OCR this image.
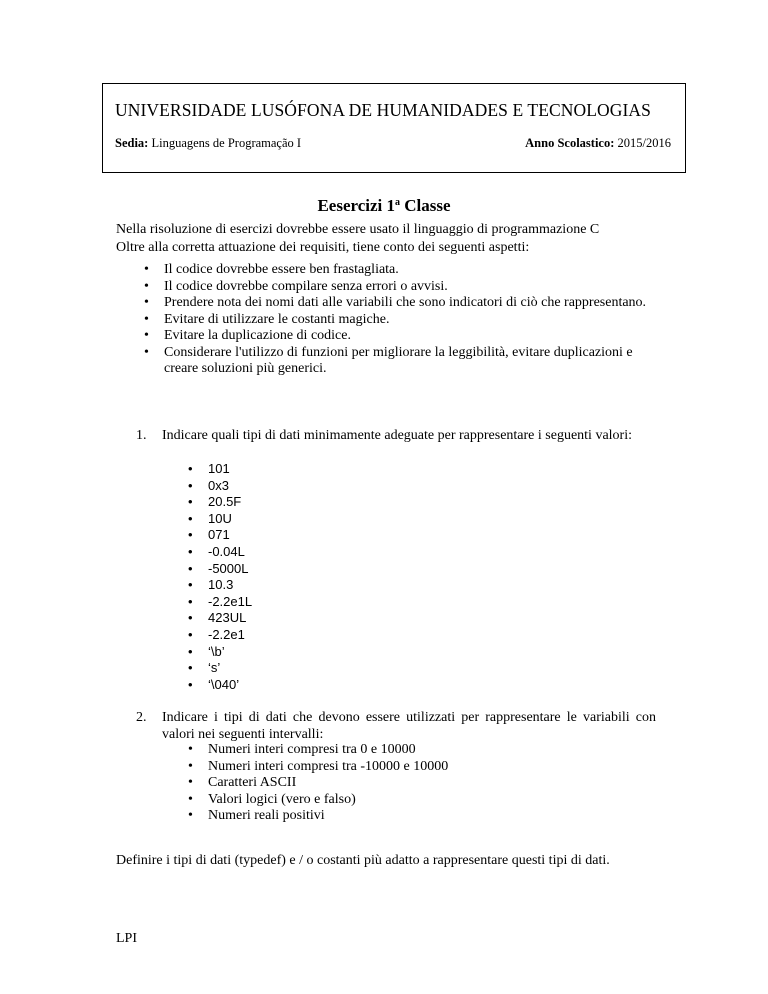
UNIVERSIDADE LUSÓFONA DE HUMANIDADES E TECNOLOGIAS
Sedia: Linguagens de Programação I	Anno Scolastico: 2015/2016
Eesercizi 1$^a$ Classe
Nella risoluzione di esercizi dovrebbe essere usato il linguaggio di programmazione C
Oltre alla corretta attuazione dei requisiti, tiene conto dei seguenti aspetti:
• Il codice dovrebbe essere ben frastagliata.
• Il codice dovrebbe compilare senza errori o avvisi.
• Prendere nota dei nomi dati alle variabili che sono indicatori di ciò che rappresentano.
• Evitare di utilizzare le costanti magiche.
• Evitare la duplicazione di codice.
• Considerare l'utilizzo di funzioni per migliorare la leggibilità, evitare duplicazioni e creare soluzioni più generici.
1. Indicare quali tipi di dati minimamente adeguate per rappresentare i seguenti valori:
• 101
• 0x3
• 20.5F
• 10U
• 071
• -0.04L
• -5000L
• 10.3
• -2.2e1L
• 423UL
• -2.2e1
• ‘\b’
• ‘s’
• ‘\040’
2. Indicare i tipi di dati che devono essere utilizzati per rappresentare le variabili con valori nei seguenti intervalli:
• Numeri interi compresi tra 0 e 10000
• Numeri interi compresi tra -10000 e 10000
• Caratteri ASCII
• Valori logici (vero e falso)
• Numeri reali positivi
Definire i tipi di dati (typedef) e / o costanti più adatto a rappresentare questi tipi di dati.
LPI
